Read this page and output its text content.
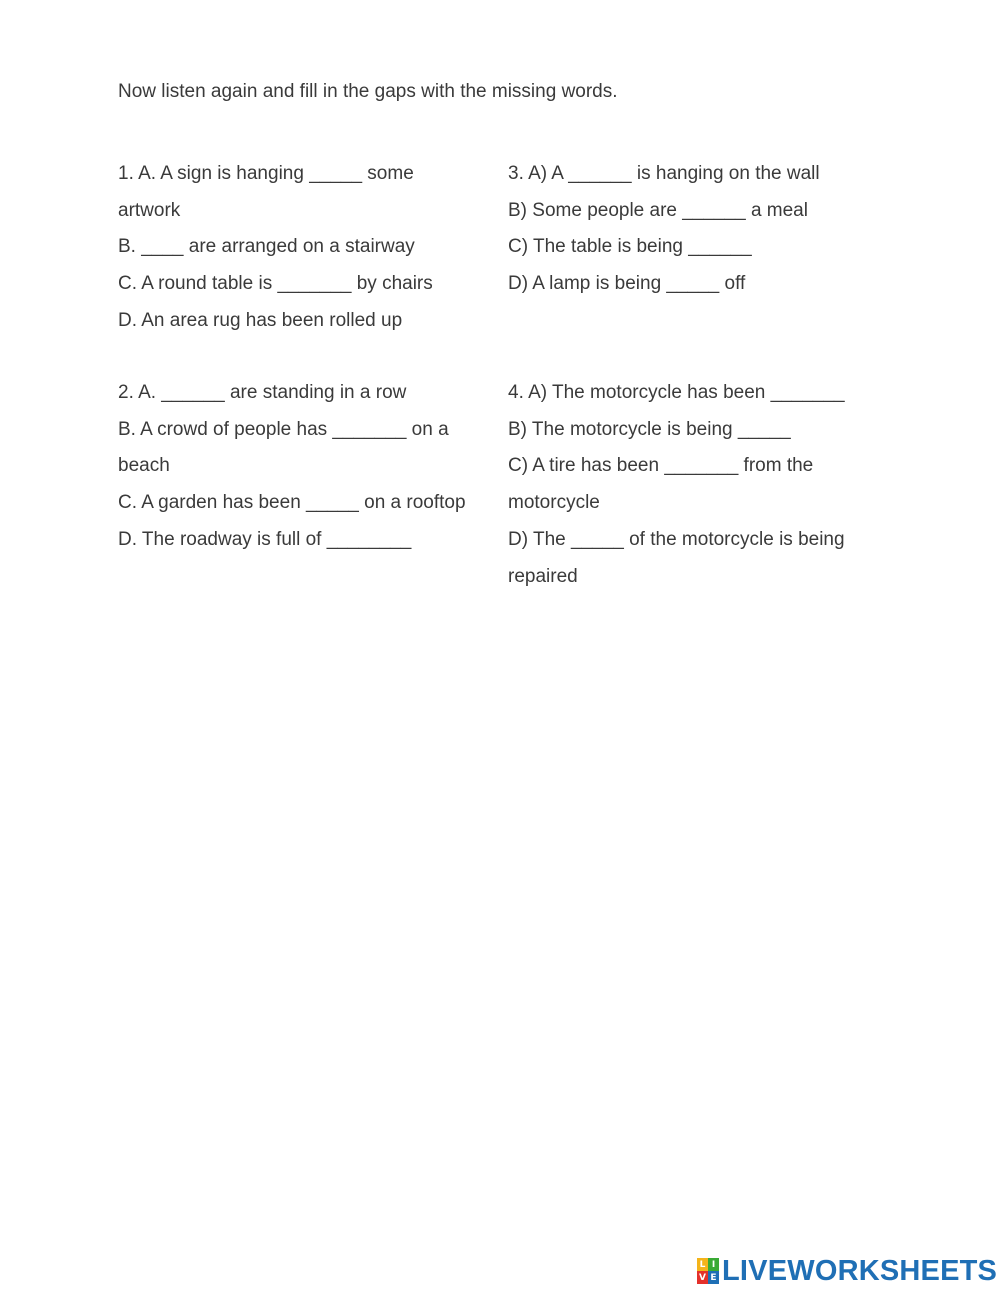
Now listen again and fill in the gaps with the missing words.
1. A. A sign is hanging _____ some
artwork
B. ____ are arranged on a stairway
C. A round table is _______ by chairs
D. An area rug has been rolled up
3. A) A ______ is hanging on the wall
B) Some people are ______ a meal
C) The table is being ______
D) A lamp is being _____ off
2. A. ______ are standing in a row
B. A crowd of people has _______ on a
beach
C. A garden has been _____ on a rooftop
D. The roadway is full of ________
4. A) The motorcycle has been _______
B) The motorcycle is being _____
C) A tire has been _______ from the
motorcycle
D) The _____ of the motorcycle is being
repaired
L I
V E LIVEWORKSHEETS
